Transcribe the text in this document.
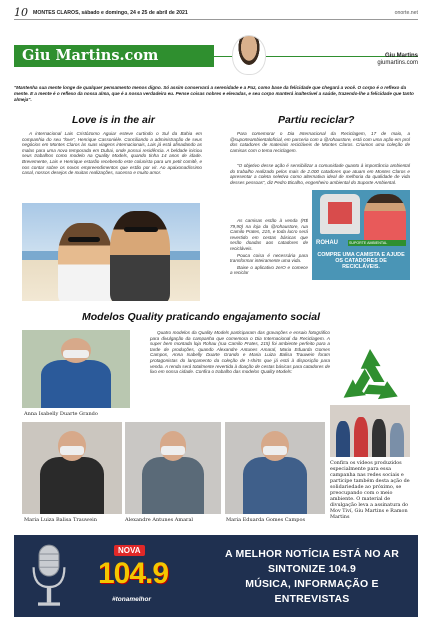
10 MONTES CLAROS, sábado e domingo, 24 e 25 de abril de 2021	onorte.net
Giu Martins.com	Giu Martins
giumartins.com
"Mantenha sua mente longe de qualquer pensamento menos digno. Só assim conservará a serenidade e a Paz, como base da felicidade que chegará a você. O corpo é o reflexo da mente. E a mente é o reflexo da nossa alma, que é a nossa verdadeira eu. Pense coisas nobres e elevadas, e seu corpo manterá inalterável a saúde, trazendo-lhe a felicidade que tanto almeja".
Love is in the air

A internacional Lais Cristózomo Aguiar esteve curtindo o Sul da Bahia em companhia do seu "love", Henrique Cassoniéle. Conciliando a administração de seus negócios em Montes Claros às suas viagens internacionais, Lais já está afinadando as malas para uma nova temporada em Dubai, onde possui residência. A beldade iniciou seus trabalhos como modelo na Quality Models, quando tinha 14 anos de idade. Brevemente, Lais e Henrique estarão recebendo este colunista para um petit comitê, e nos contar sobre os novos empreendimentos que estão por vir. Ao apaixonadíssimo casal, nossos desejos de muitas realizações, sucesso e muito amor.

Partiu reciclar?

Para comemorar o Dia Internacional da Reciclagem, 17 de maio, a @suporteambientaloficial, em parceria com a @rohaustore, está com uma ação em prol dos catadores de materiais recicláveis de Montes Claros. Criamos uma coleção de camisas com o tema reciclagem.

"O objetivo desse ação é sensibilizar a comunidade quanto à importância ambiental do trabalho realizado pelos mais de 2.000 catadores que atuam em Montes Claros e apresentar a coleta seletiva como alternativa ideal de melhoria da qualidade de vida desses pessoas", diz Pedro Bicalho, engenheiro ambiental do Suporte Ambiental.

ROHAU	SUPORTE AMBIENTAL
COMPRE UMA CAMISTA E AJUDE OS CATADORES DE RECICLÁVEIS.

As camisas estão à venda (R$ 79,90) na loja da @rohaustore, rua Camilo Prates, 215, e toda lucro será revertido em cestas básicas que serão doadas aos catadores de recicláveis.

Pouca coisa é necessária para transformar inteiramente uma vida.

Baixe o aplicativo zerO e comece a reciclar

Modelos Quality praticando engajamento social

Quatro modelos da Quality Models participaram das gravações e ensaio fotográfico para divulgação da campanha que comemora o Dia Internacional da Reciclagem. A super bem montada loja Rohau (rua Camilo Prates, 215) foi ambiente perfeito para a tarde de produções, quando Alexandre Antunes Amaral, Maria Eduarda Gomes Campos, Anna Isabelly Duarte Grando e Maria Luiza Balisa Trauwein foram protagonistas do lançamento da coleção de t-shirts que já está à disposição para venda. A renda será totalmente revertida à doação de cestas básicas para catadores de lixo em nossa cidade. Confira o trabalho das modelos Quality Models:

Anna Isabelly Duarte Grando
Maria Luiza Balisa Trauwein	Alexandre Antunes Amaral	Maria Eduarda Gomes Campos
Confira os vídeos produzidos especialmente para essa campanha nas redes sociais e participe também desta ação de solidariedade ao próximo, se preocupando com o meio ambiente. O material de divulgação leva a assinatura do Mov Tiví, Giu Martins e Ramon Martins
NOVA
104.9
#tonamelhor
A MELHOR NOTÍCIA ESTÁ NO AR
SINTONIZE 104.9
MÚSICA, INFORMAÇÃO E ENTREVISTAS
